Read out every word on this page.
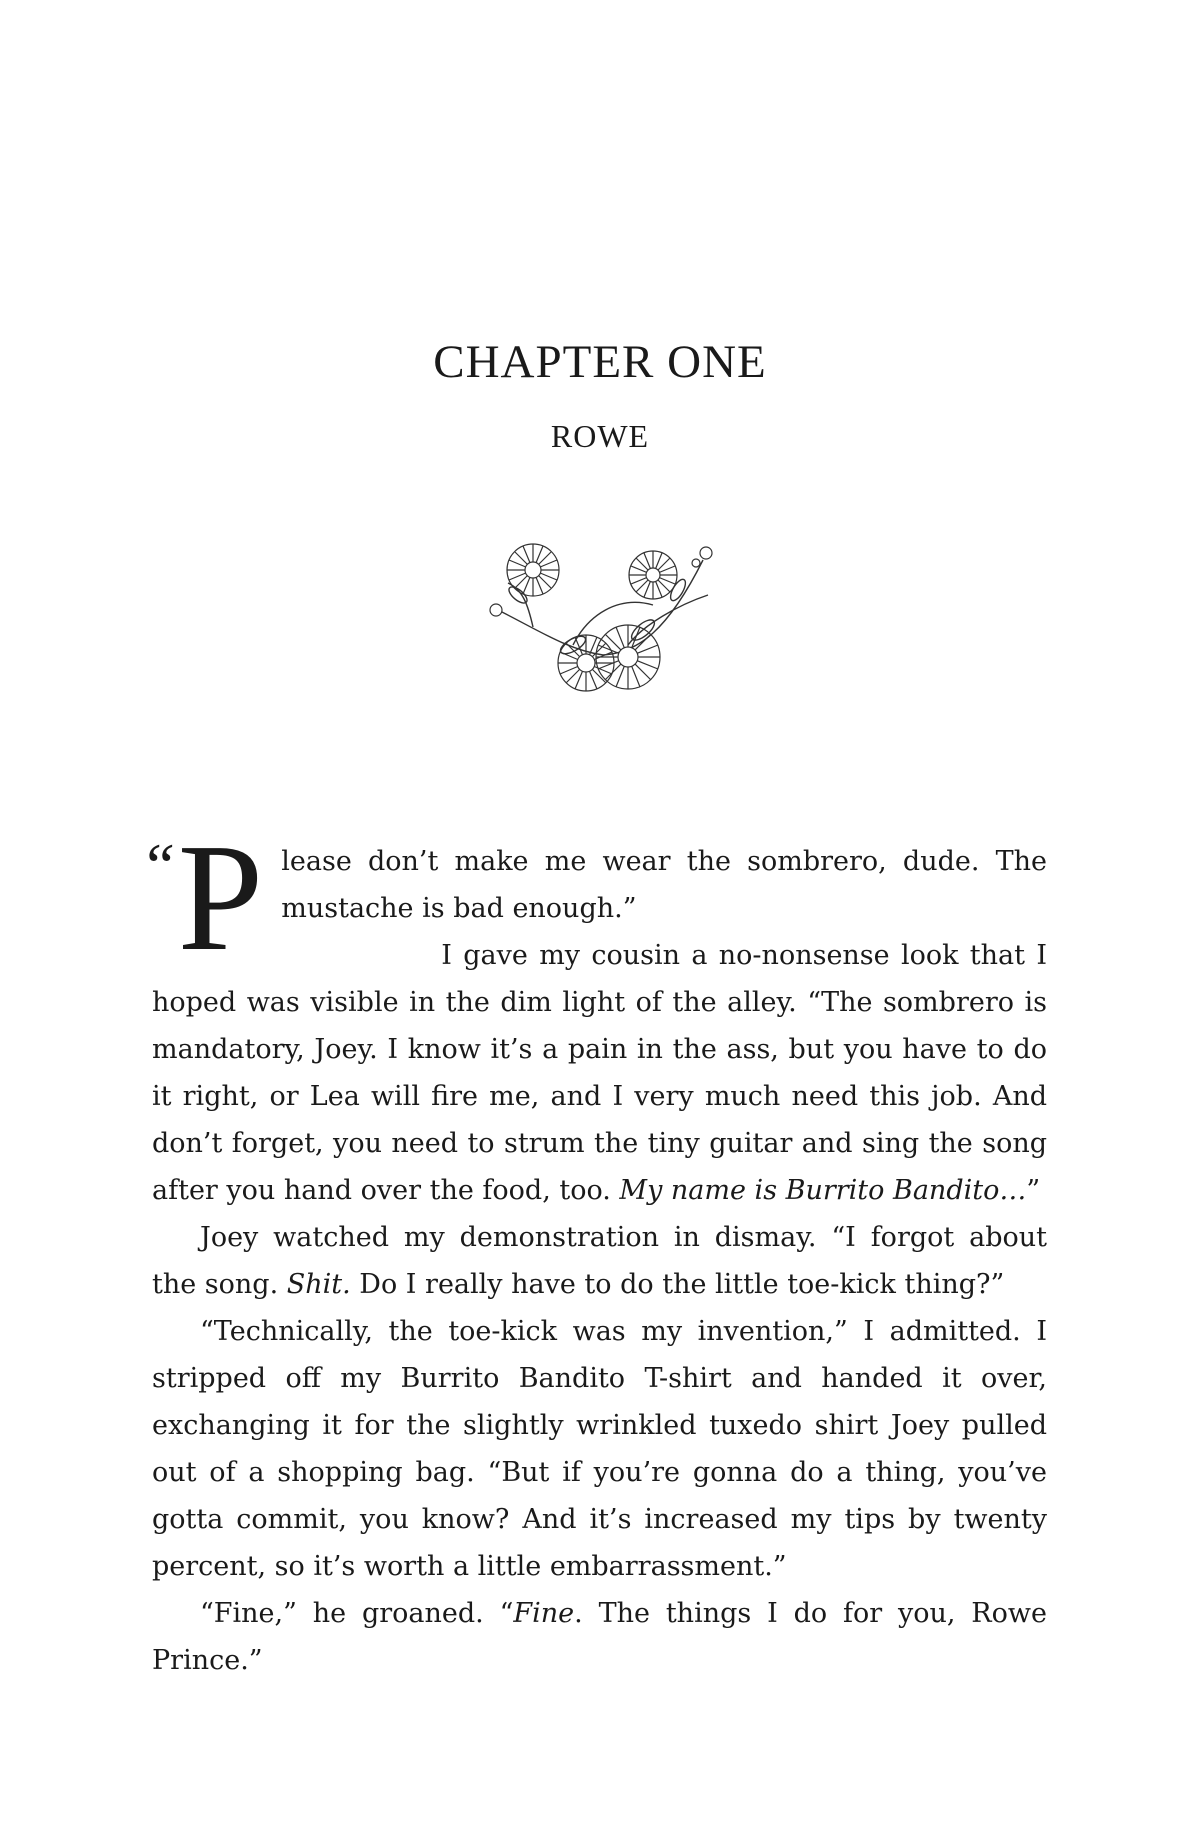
CHAPTER ONE
ROWE

“ P lease don’t make me wear the sombrero, dude. The mustache is bad enough.”

I gave my cousin a no-nonsense look that I hoped was visible in the dim light of the alley. “The sombrero is mandatory, Joey. I know it’s a pain in the ass, but you have to do it right, or Lea will fire me, and I very much need this job. And don’t forget, you need to strum the tiny guitar and sing the song after you hand over the food, too. My name is Burrito Bandito…”

Joey watched my demonstration in dismay. “I forgot about the song. Shit. Do I really have to do the little toe-kick thing?”

“Technically, the toe-kick was my invention,” I admitted. I stripped off my Burrito Bandito T-shirt and handed it over, exchanging it for the slightly wrinkled tuxedo shirt Joey pulled out of a shopping bag. “But if you’re gonna do a thing, you’ve gotta commit, you know? And it’s increased my tips by twenty percent, so it’s worth a little embarrassment.”

“Fine,” he groaned. “Fine. The things I do for you, Rowe Prince.”
